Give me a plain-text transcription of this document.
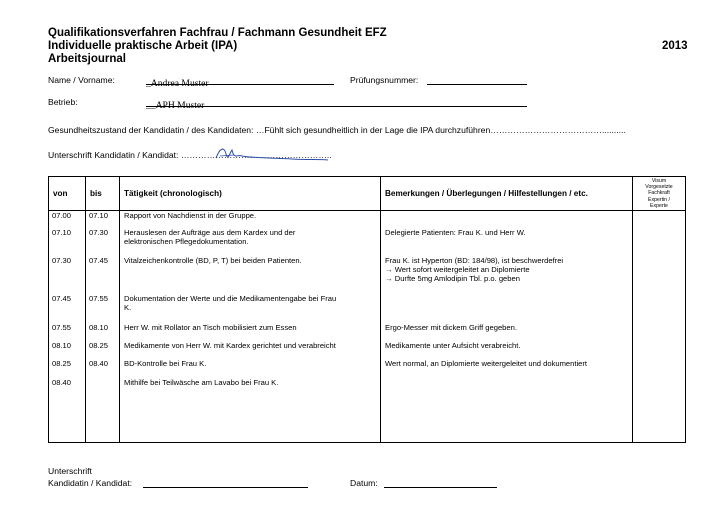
Qualifikationsverfahren Fachfrau / Fachmann Gesundheit EFZ
Individuelle praktische Arbeit (IPA)	2013
Arbeitsjournal
Name / Vorname:	_Andrea Muster	Prüfungsnummer:
Betrieb:	__APH Muster
Gesundheitszustand der Kandidatin / des Kandidaten: …Fühlt sich gesundheitlich in der Lage die IPA durchzuführen…………………………………..........
Unterschrift Kandidatin / Kandidat: ……………………………………………..
von	bis	Tätigkeit (chronologisch)	Bemerkungen / Überlegungen / Hilfestellungen / etc.	Visum
Vorgesetzte
Fachkraft
Expertin /
Experte

07.00	07.10	Rapport von Nachdienst in der Gruppe.		

07.10	07.30	Herauslesen der Aufträge aus dem Kardex und der
elektronischen Pflegedokumentation.	Delegierte Patienten: Frau K. und Herr W.	

07.30	07.45	Vitalzeichenkontrolle (BD, P, T) bei beiden Patienten.	Frau K. ist Hyperton (BD: 184/98), ist beschwerdefrei
→ Wert sofort weitergeleitet an Diplomierte
→ Durfte 5mg Amlodipin Tbl. p.o. geben	

07.45	07.55	Dokumentation der Werte und die Medikamentengabe bei Frau
K.		

07.55	08.10	Herr W. mit Rollator an Tisch mobilisiert zum Essen	Ergo-Messer mit dickem Griff gegeben.	

08.10	08.25	Medikamente von Herr W. mit Kardex gerichtet und verabreicht	Medikamente unter Aufsicht verabreicht.	

08.25	08.40	BD-Kontrolle bei Frau K.	Wert normal, an Diplomierte weitergeleitet und dokumentiert	

08.40		Mithilfe bei Teilwäsche am Lavabo bei Frau K.		

Unterschrift
Kandidatin / Kandidat:	Datum:
